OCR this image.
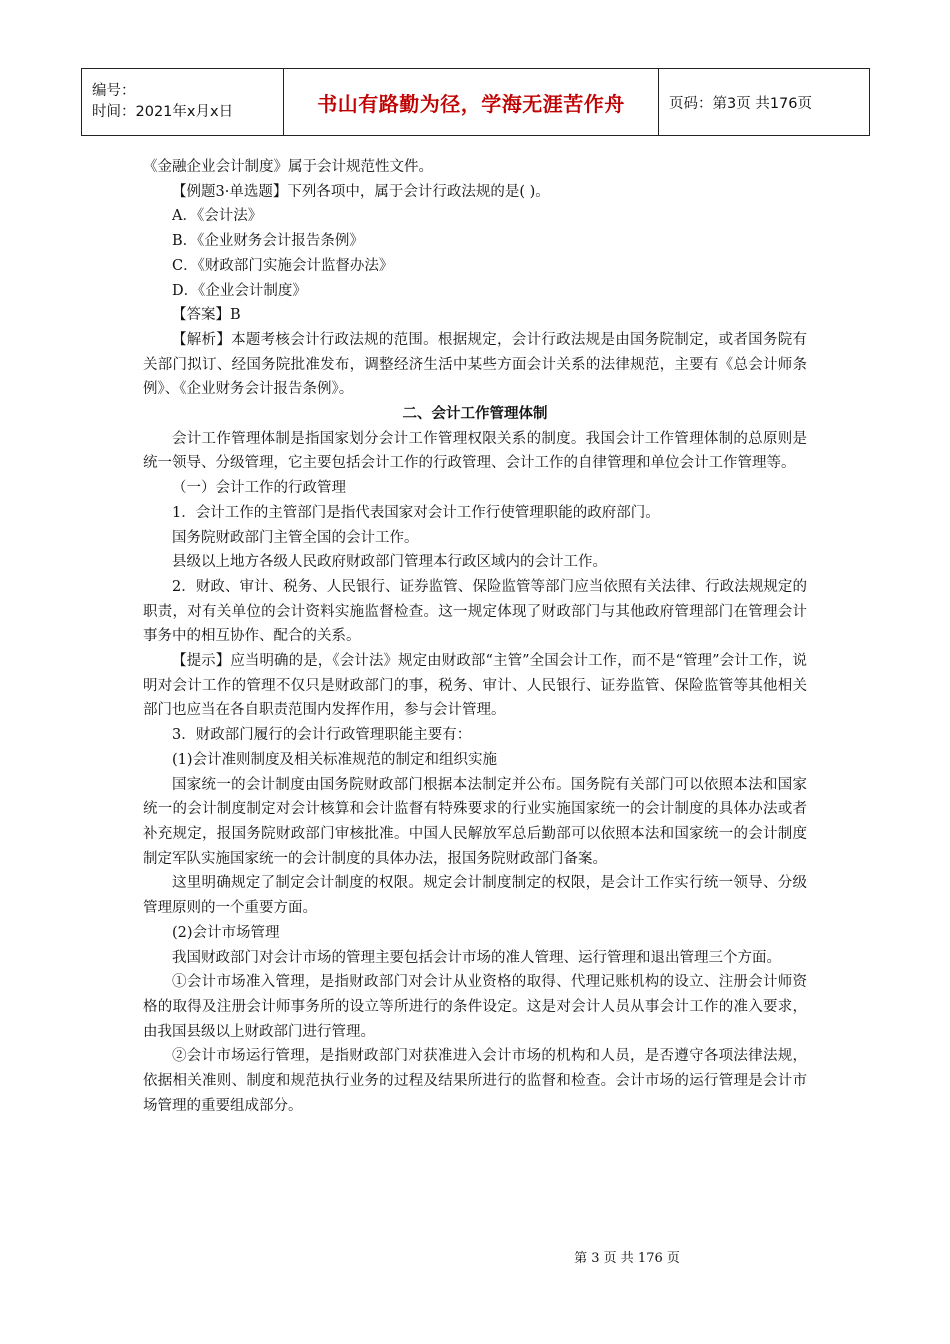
编号：
时间：2021年x月x日	书山有路勤为径，学海无涯苦作舟	页码：第3页 共176页

《金融企业会计制度》属于会计规范性文件。

【例题3·单选题】下列各项中，属于会计行政法规的是( )。

A．《会计法》

B．《企业财务会计报告条例》

C．《财政部门实施会计监督办法》

D．《企业会计制度》

【答案】B

【解析】本题考核会计行政法规的范围。根据规定，会计行政法规是由国务院制定，或者国务院有关部门拟订、经国务院批准发布，调整经济生活中某些方面会计关系的法律规范，主要有《总会计师条例》、《企业财务会计报告条例》。

二、会计工作管理体制

会计工作管理体制是指国家划分会计工作管理权限关系的制度。我国会计工作管理体制的总原则是统一领导、分级管理，它主要包括会计工作的行政管理、会计工作的自律管理和单位会计工作管理等。

（一）会计工作的行政管理

1．会计工作的主管部门是指代表国家对会计工作行使管理职能的政府部门。

国务院财政部门主管全国的会计工作。

县级以上地方各级人民政府财政部门管理本行政区域内的会计工作。

2．财政、审计、税务、人民银行、证券监管、保险监管等部门应当依照有关法律、行政法规规定的职责，对有关单位的会计资料实施监督检查。这一规定体现了财政部门与其他政府管理部门在管理会计事务中的相互协作、配合的关系。

【提示】应当明确的是，《会计法》规定由财政部“主管”全国会计工作，而不是“管理”会计工作，说明对会计工作的管理不仅只是财政部门的事，税务、审计、人民银行、证券监管、保险监管等其他相关部门也应当在各自职责范围内发挥作用，参与会计管理。

3．财政部门履行的会计行政管理职能主要有：

(1)会计准则制度及相关标准规范的制定和组织实施

国家统一的会计制度由国务院财政部门根据本法制定并公布。国务院有关部门可以依照本法和国家统一的会计制度制定对会计核算和会计监督有特殊要求的行业实施国家统一的会计制度的具体办法或者补充规定，报国务院财政部门审核批准。中国人民解放军总后勤部可以依照本法和国家统一的会计制度制定军队实施国家统一的会计制度的具体办法，报国务院财政部门备案。

这里明确规定了制定会计制度的权限。规定会计制度制定的权限，是会计工作实行统一领导、分级管理原则的一个重要方面。

(2)会计市场管理

我国财政部门对会计市场的管理主要包括会计市场的准人管理、运行管理和退出管理三个方面。

①会计市场准入管理，是指财政部门对会计从业资格的取得、代理记账机构的设立、注册会计师资格的取得及注册会计师事务所的设立等所进行的条件设定。这是对会计人员从事会计工作的准入要求，由我国县级以上财政部门进行管理。

②会计市场运行管理，是指财政部门对获准进入会计市场的机构和人员，是否遵守各项法律法规，依据相关准则、制度和规范执行业务的过程及结果所进行的监督和检查。会计市场的运行管理是会计市场管理的重要组成部分。

第 3 页 共 176 页
